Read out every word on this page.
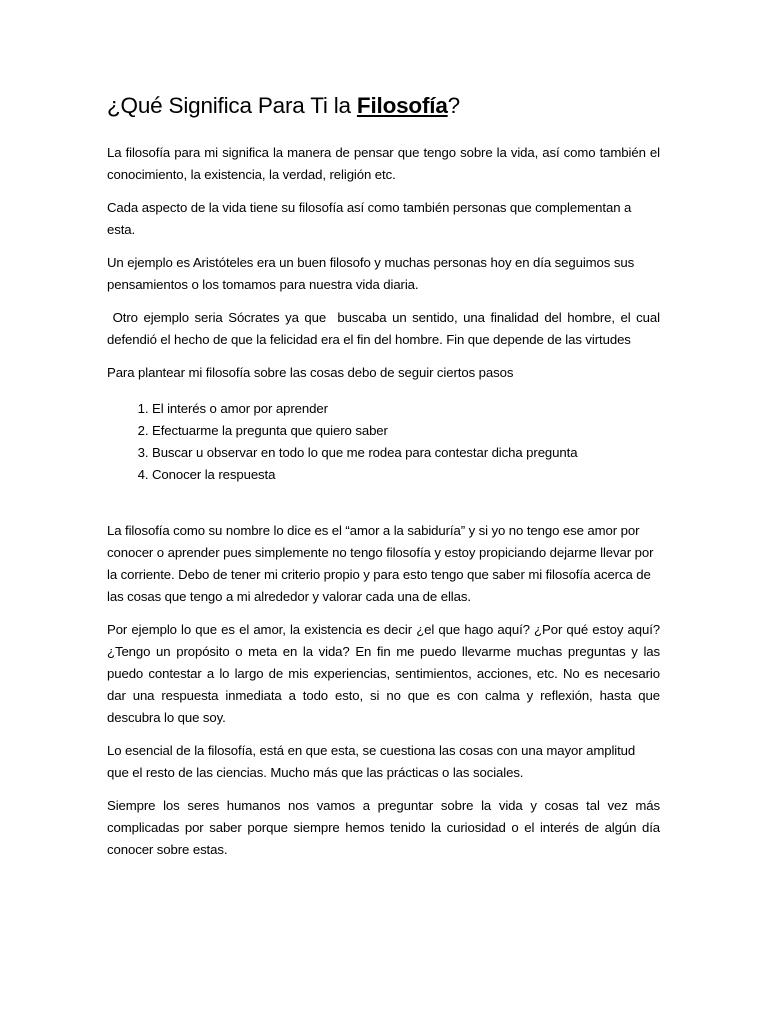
¿Qué Significa Para Ti la Filosofía?

La filosofía para mi significa la manera de pensar que tengo sobre la vida, así como también el conocimiento, la existencia, la verdad, religión etc.

Cada aspecto de la vida tiene su filosofía así como también personas que complementan a esta.

Un ejemplo es Aristóteles era un buen filosofo y muchas personas hoy en día seguimos sus pensamientos o los tomamos para nuestra vida diaria.

Otro ejemplo seria Sócrates ya que  buscaba un sentido, una finalidad del hombre, el cual defendió el hecho de que la felicidad era el fin del hombre. Fin que depende de las virtudes

Para plantear mi filosofía sobre las cosas debo de seguir ciertos pasos

1. El interés o amor por aprender
2. Efectuarme la pregunta que quiero saber
3. Buscar u observar en todo lo que me rodea para contestar dicha pregunta
4. Conocer la respuesta

La filosofía como su nombre lo dice es el “amor a la sabiduría” y si yo no tengo ese amor por conocer o aprender pues simplemente no tengo filosofía y estoy propiciando dejarme llevar por la corriente. Debo de tener mi criterio propio y para esto tengo que saber mi filosofía acerca de las cosas que tengo a mi alrededor y valorar cada una de ellas.

Por ejemplo lo que es el amor, la existencia es decir ¿el que hago aquí? ¿Por qué estoy aquí? ¿Tengo un propósito o meta en la vida? En fin me puedo llevarme muchas preguntas y las puedo contestar a lo largo de mis experiencias, sentimientos, acciones, etc. No es necesario dar una respuesta inmediata a todo esto, si no que es con calma y reflexión, hasta que descubra lo que soy.

Lo esencial de la filosofía, está en que esta, se cuestiona las cosas con una mayor amplitud que el resto de las ciencias. Mucho más que las prácticas o las sociales.

Siempre los seres humanos nos vamos a preguntar sobre la vida y cosas tal vez más complicadas por saber porque siempre hemos tenido la curiosidad o el interés de algún día conocer sobre estas.
